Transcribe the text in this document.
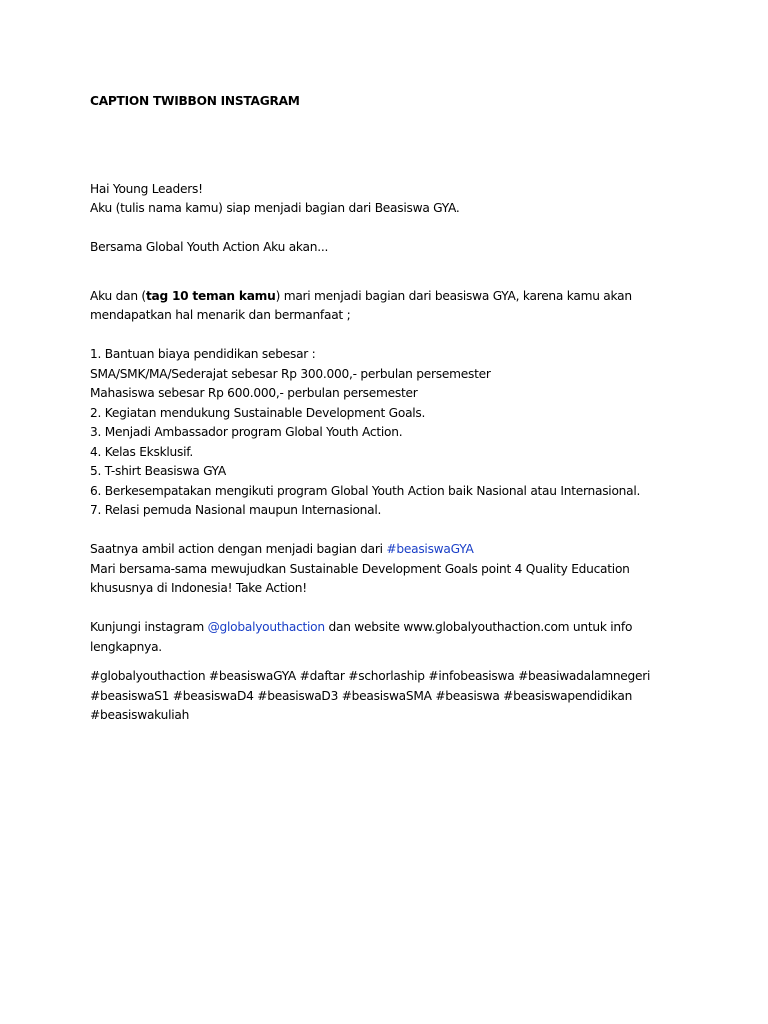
CAPTION TWIBBON INSTAGRAM

Hai Young Leaders!

Aku (tulis nama kamu) siap menjadi bagian dari Beasiswa GYA.

Bersama Global Youth Action Aku akan...

Aku dan (tag 10 teman kamu) mari menjadi bagian dari beasiswa GYA, karena kamu akan

mendapatkan hal menarik dan bermanfaat ;

1. Bantuan biaya pendidikan sebesar :

SMA/SMK/MA/Sederajat sebesar Rp 300.000,- perbulan persemester

Mahasiswa sebesar Rp 600.000,- perbulan persemester

2. Kegiatan mendukung Sustainable Development Goals.

3. Menjadi Ambassador program Global Youth Action.

4. Kelas Eksklusif.

5. T-shirt Beasiswa GYA

6. Berkesempatakan mengikuti program Global Youth Action baik Nasional atau Internasional.

7. Relasi pemuda Nasional maupun Internasional.

Saatnya ambil action dengan menjadi bagian dari #beasiswaGYA

Mari bersama-sama mewujudkan Sustainable Development Goals point 4 Quality Education

khususnya di Indonesia! Take Action!

Kunjungi instagram @globalyouthaction dan website www.globalyouthaction.com untuk info

lengkapnya.

#globalyouthaction #beasiswaGYA #daftar #schorlaship #infobeasiswa #beasiwadalamnegeri

#beasiswaS1 #beasiswaD4 #beasiswaD3 #beasiswaSMA #beasiswa #beasiswapendidikan

#beasiswakuliah
